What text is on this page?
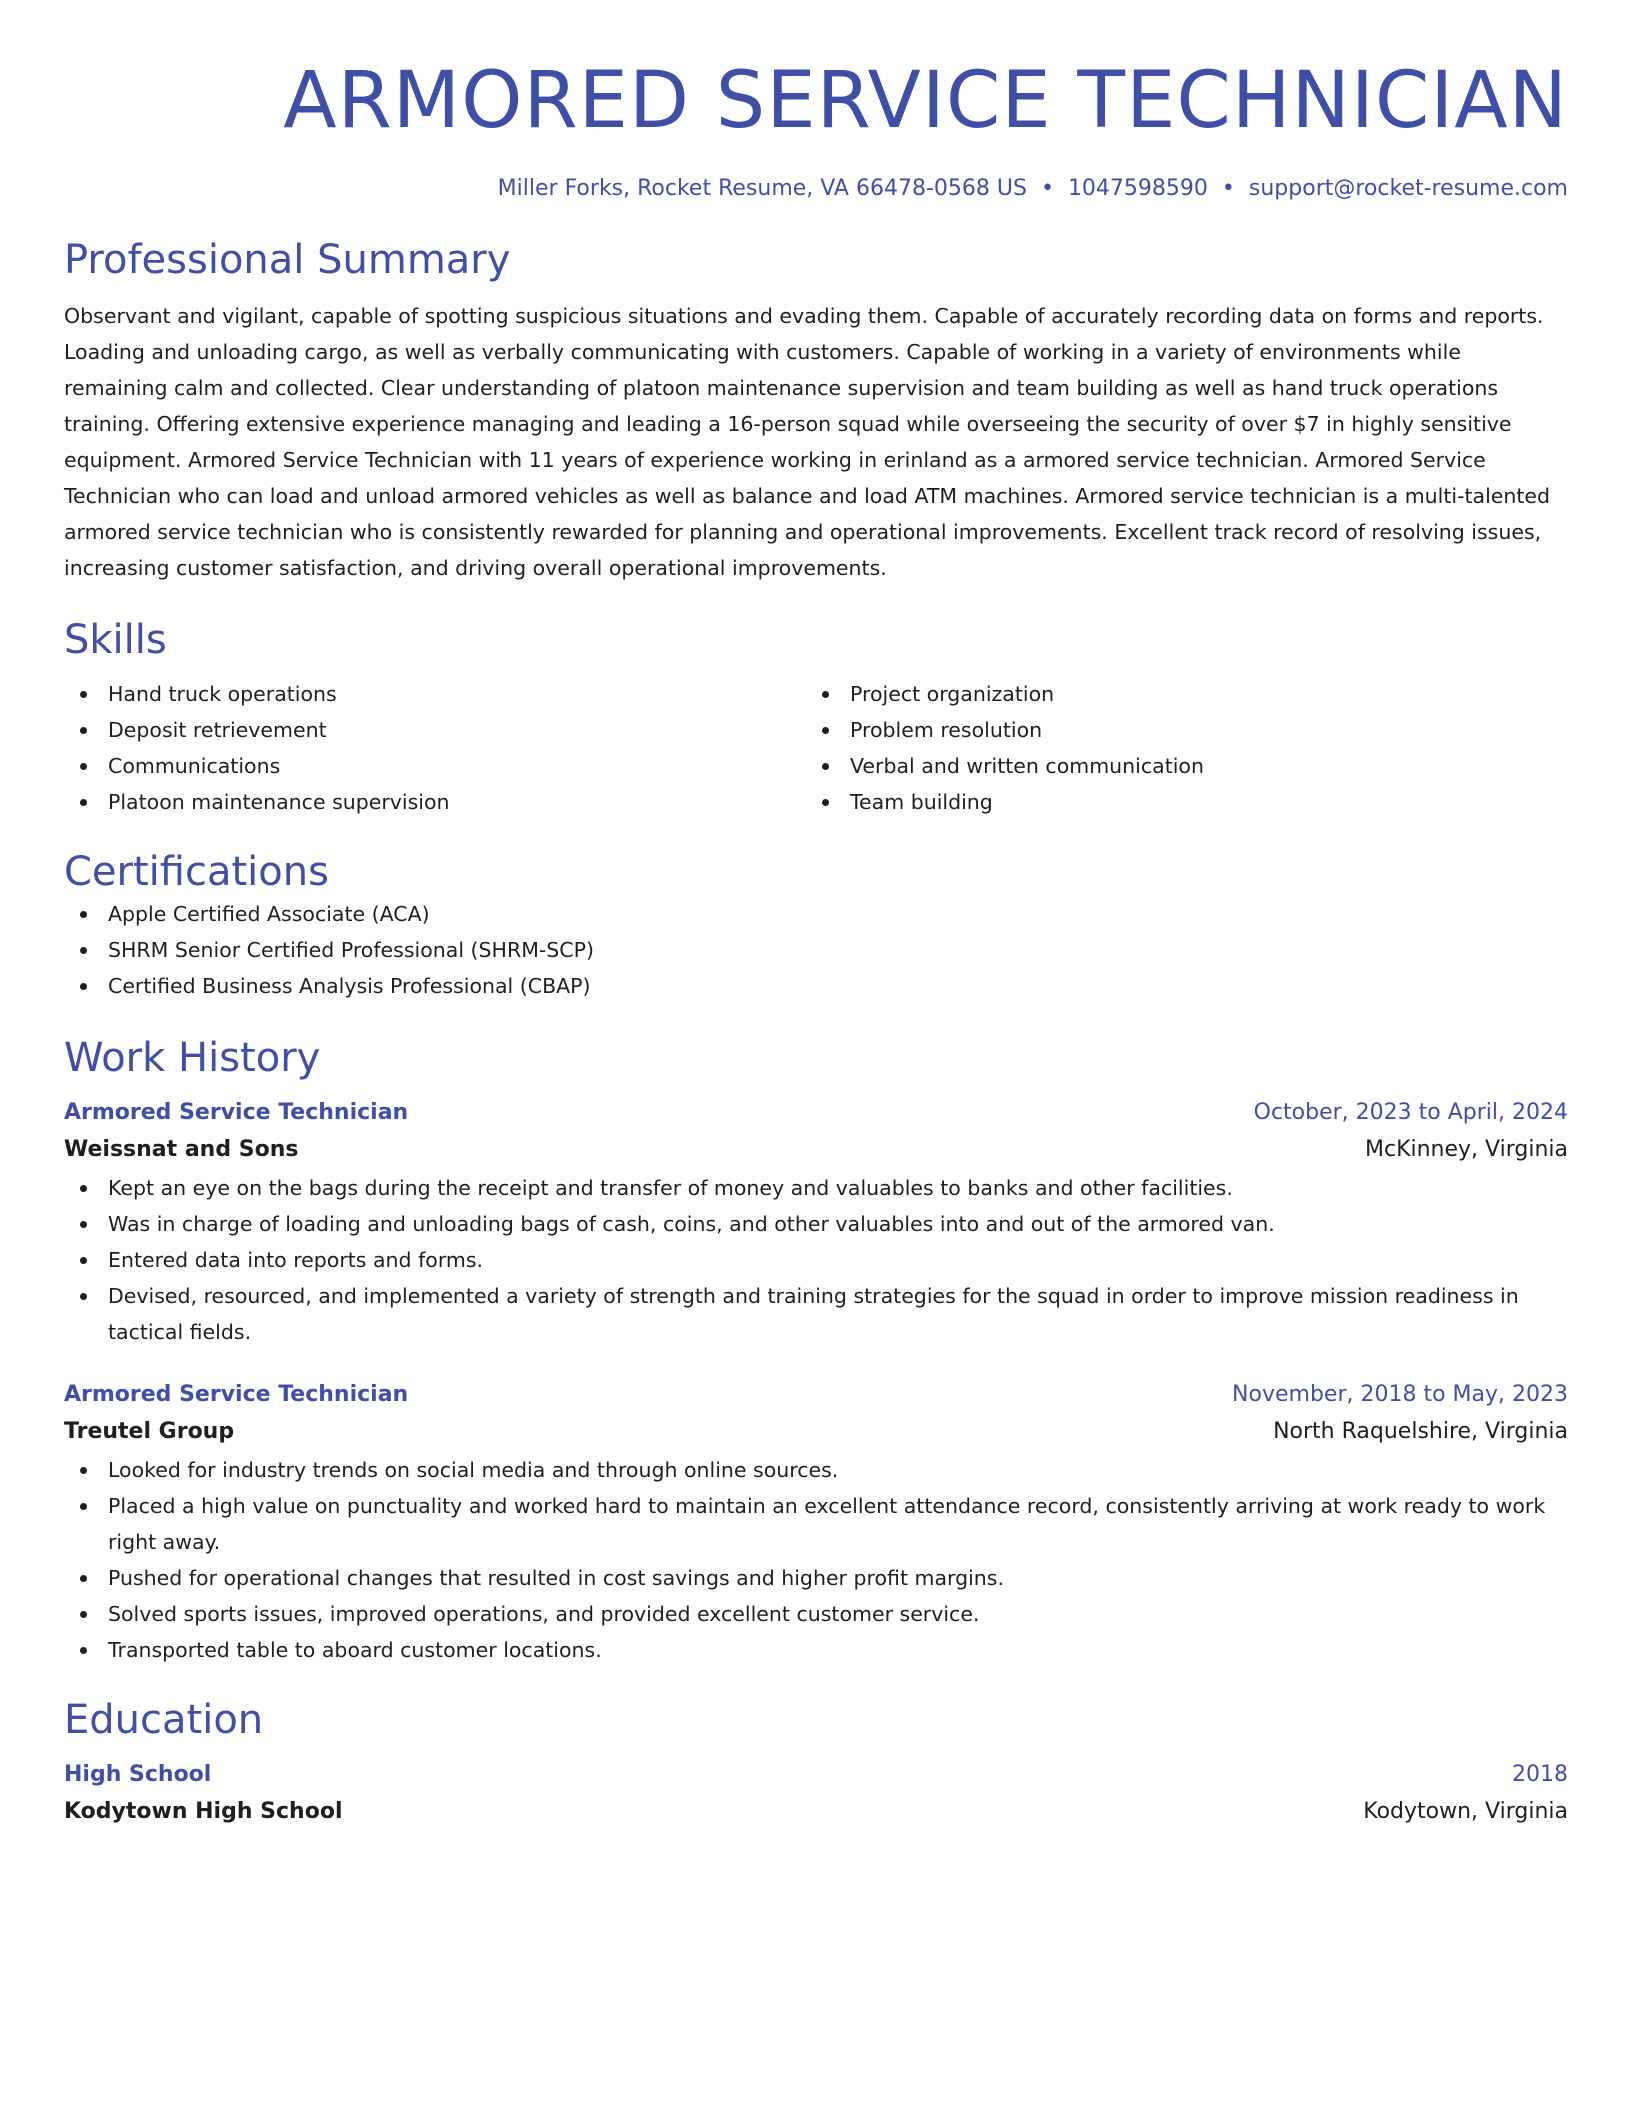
ARMORED SERVICE TECHNICIAN
Miller Forks, Rocket Resume, VA 66478-0568 US • 1047598590 • support@rocket-resume.com
Professional Summary

Observant and vigilant, capable of spotting suspicious situations and evading them. Capable of accurately recording data on forms and reports. Loading and unloading cargo, as well as verbally communicating with customers. Capable of working in a variety of environments while remaining calm and collected. Clear understanding of platoon maintenance supervision and team building as well as hand truck operations training. Offering extensive experience managing and leading a 16-person squad while overseeing the security of over $7 in highly sensitive equipment. Armored Service Technician with 11 years of experience working in erinland as a armored service technician. Armored Service Technician who can load and unload armored vehicles as well as balance and load ATM machines. Armored service technician is a multi-talented armored service technician who is consistently rewarded for planning and operational improvements. Excellent track record of resolving issues, increasing customer satisfaction, and driving overall operational improvements.

Skills
Hand truck operations
Deposit retrievement
Communications
Platoon maintenance supervision
Project organization
Problem resolution
Verbal and written communication
Team building
Certifications
Apple Certified Associate (ACA)
SHRM Senior Certified Professional (SHRM-SCP)
Certified Business Analysis Professional (CBAP)
Work History
Armored Service Technician	October, 2023 to April, 2024
Weissnat and Sons	McKinney, Virginia
Kept an eye on the bags during the receipt and transfer of money and valuables to banks and other facilities.
Was in charge of loading and unloading bags of cash, coins, and other valuables into and out of the armored van.
Entered data into reports and forms.
Devised, resourced, and implemented a variety of strength and training strategies for the squad in order to improve mission readiness in tactical fields.
Armored Service Technician	November, 2018 to May, 2023
Treutel Group	North Raquelshire, Virginia
Looked for industry trends on social media and through online sources.
Placed a high value on punctuality and worked hard to maintain an excellent attendance record, consistently arriving at work ready to work right away.
Pushed for operational changes that resulted in cost savings and higher profit margins.
Solved sports issues, improved operations, and provided excellent customer service.
Transported table to aboard customer locations.
Education
High School	2018
Kodytown High School	Kodytown, Virginia
